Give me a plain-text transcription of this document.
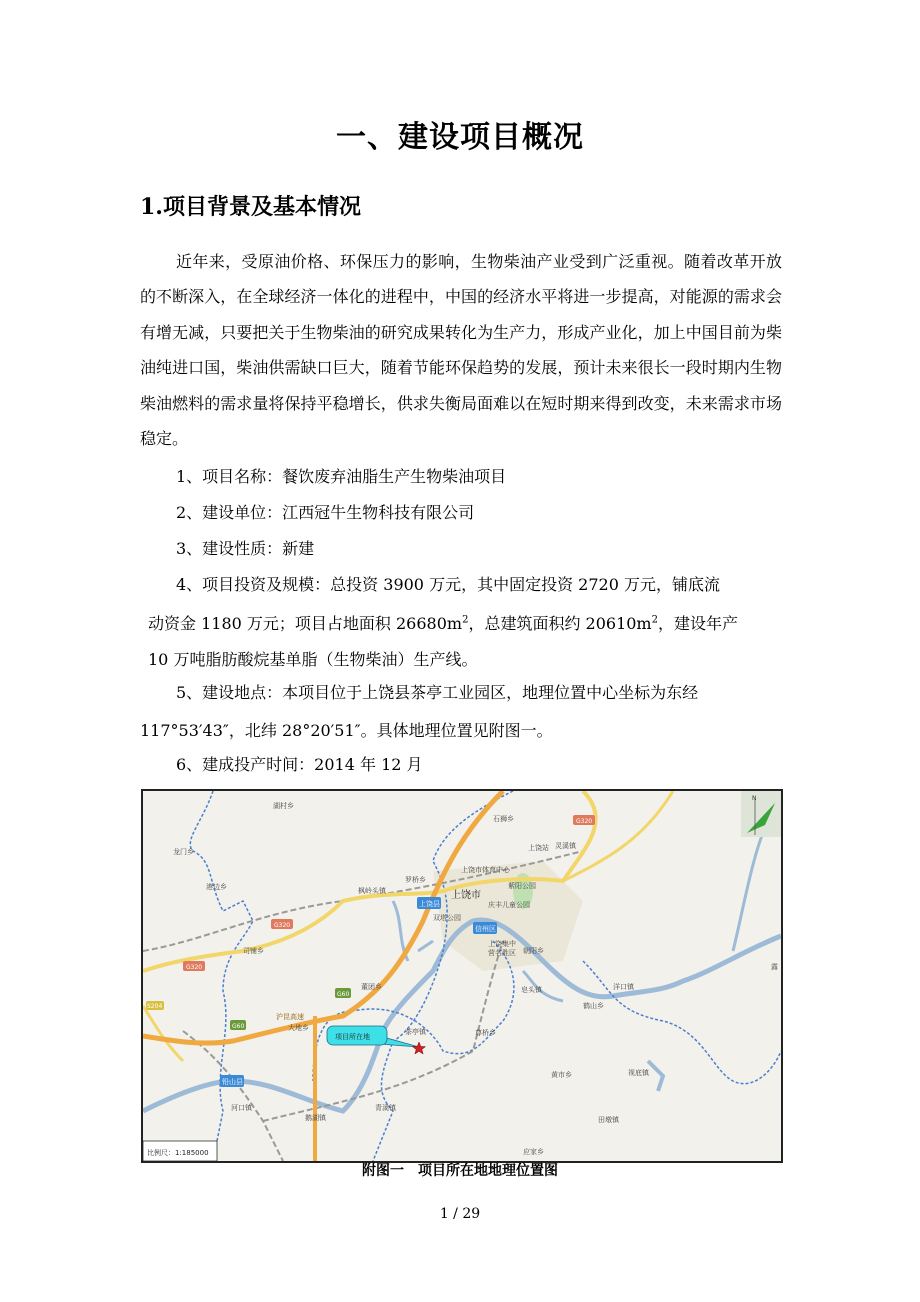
一、建设项目概况
1.项目背景及基本情况
近年来，受原油价格、环保压力的影响，生物柴油产业受到广泛重视。随着改革开放的不断深入，在全球经济一体化的进程中，中国的经济水平将进一步提高，对能源的需求会有增无减，只要把关于生物柴油的研究成果转化为生产力，形成产业化，加上中国目前为柴油纯进口国，柴油供需缺口巨大，随着节能环保趋势的发展，预计未来很长一段时期内生物柴油燃料的需求量将保持平稳增长，供求失衡局面难以在短时期来得到改变，未来需求市场稳定。
1、项目名称：餐饮废弃油脂生产生物柴油项目
2、建设单位：江西冠牛生物科技有限公司
3、建设性质：新建
4、项目投资及规模：总投资 3900 万元，其中固定投资 2720 万元，铺底流
动资金 1180 万元；项目占地面积 $26680m^2$，总建筑面积约 $20610m^2$，建设年产
10 万吨脂肪酸烷基单脂（生物柴油）生产线。
5、建设地点：本项目位于上饶县茶亭工业园区，地理位置中心坐标为东经
117°53′43″，北纬 28°20′51″。具体地理位置见附图一。
6、建成投产时间：2014 年 12 月
G320
G320
G320
G60
G60
S204
上饶县
信州区
铅山县
湖村乡
石狮乡
龙门乡
灵溪镇
上饶站
上饶市体育中心
港边乡
罗桥乡
枫岭头镇	上饶市
紫阳公园
庆丰儿童公园
双塔公园
上饶集中
营名胜区 朝阳乡
司铺乡
董团乡	皂头镇	洋口镇
鹤山乡
露
沪昆高速
大地乡	茶亭镇	尊桥乡
黄市乡	视底镇
河口镇	青溪镇
鹅湖镇	田墩镇
应家乡
N
项目所在地
比例尺：1:185000
附图一　项目所在地地理位置图
1 / 29
